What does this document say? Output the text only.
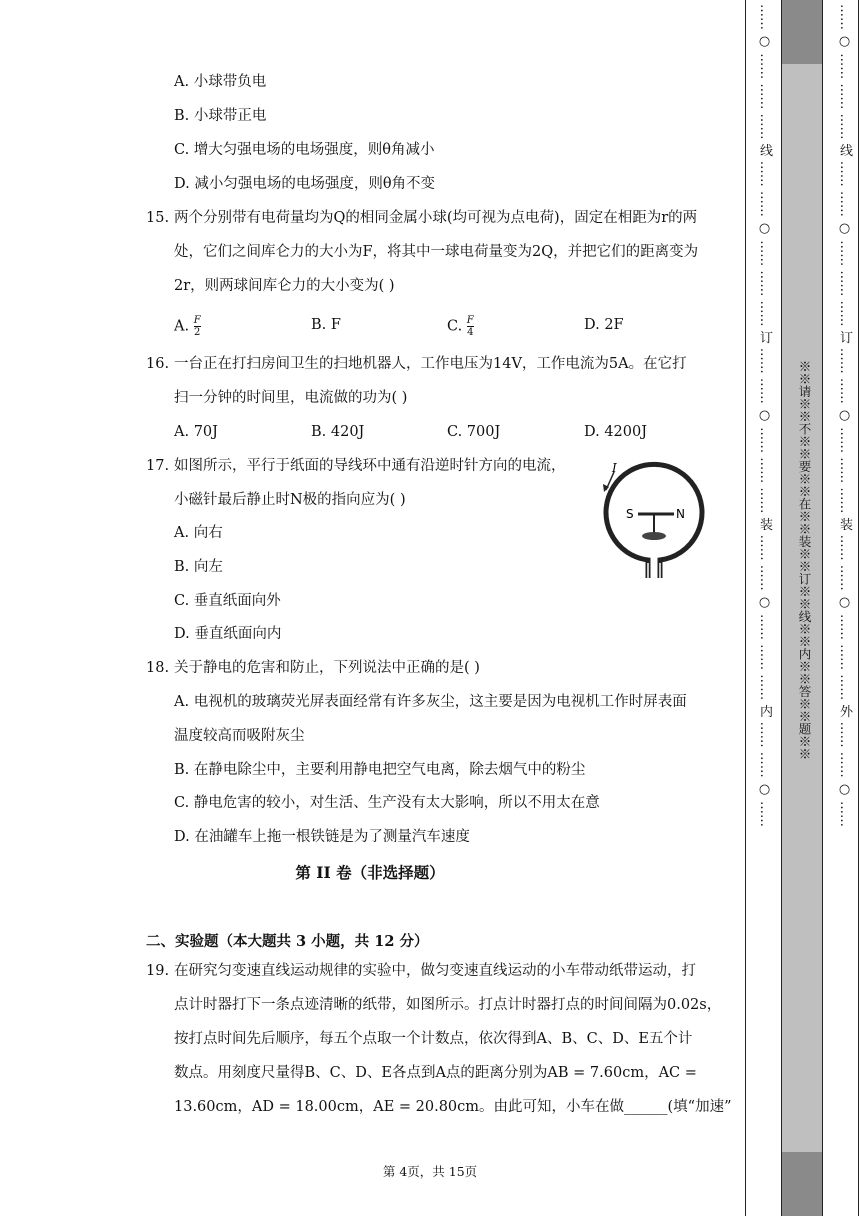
A. 小球带负电
B. 小球带正电
C. 增大匀强电场的电场强度，则θ角减小
D. 减小匀强电场的电场强度，则θ角不变
15. 两个分别带有电荷量均为Q的相同金属小球(均可视为点电荷)，固定在相距为r的两
处，它们之间库仑力的大小为F，将其中一球电荷量变为2Q，并把它们的距离变为
2r，则两球间库仑力的大小变为( )
A. $\frac{F}{2}$	B. F	C. $\frac{F}{4}$	D. 2F
16. 一台正在打扫房间卫生的扫地机器人，工作电压为14V，工作电流为5A。在它打
扫一分钟的时间里，电流做的功为( )
A. 70J	B. 420J	C. 700J	D. 4200J
17. 如图所示，平行于纸面的导线环中通有沿逆时针方向的电流，
小磁针最后静止时N极的指向应为( )
A. 向右
B. 向左
C. 垂直纸面向外
D. 垂直纸面向内
I
S	N
18. 关于静电的危害和防止，下列说法中正确的是( )
A. 电视机的玻璃荧光屏表面经常有许多灰尘，这主要是因为电视机工作时屏表面
温度较高而吸附灰尘
B. 在静电除尘中，主要利用静电把空气电离，除去烟气中的粉尘
C. 静电危害的较小，对生活、生产没有太大影响，所以不用太在意
D. 在油罐车上拖一根铁链是为了测量汽车速度
第 II 卷（非选择题）
二、实验题（本大题共 3 小题，共 12 分）
19. 在研究匀变速直线运动规律的实验中，做匀变速直线运动的小车带动纸带运动，打
点计时器打下一条点迹清晰的纸带，如图所示。打点计时器打点的时间间隔为0.02s，
按打点时间先后顺序，每五个点取一个计数点，依次得到A、B、C、D、E五个计
数点。用刻度尺量得B、C、D、E各点到A点的距离分别为AB = 7.60cm，AC =
13.60cm，AD = 18.00cm，AE = 20.80cm。由此可知，小车在做______(填“加速”
第 4页，共 15页
…… ○ …… …… …… 线 …… …… ○ …… …… …… 订 …… …… ○ …… …… …… 装 …… …… ○ …… …… …… 内 …… …… ○ …… ※※请※※不※※要※※在※※装※※订※※线※※内※※答※※题※※ …… ○ …… …… …… 线 …… …… ○ …… …… …… 订 …… …… ○ …… …… …… 装 …… …… ○ …… …… …… 外 …… …… ○ ……
